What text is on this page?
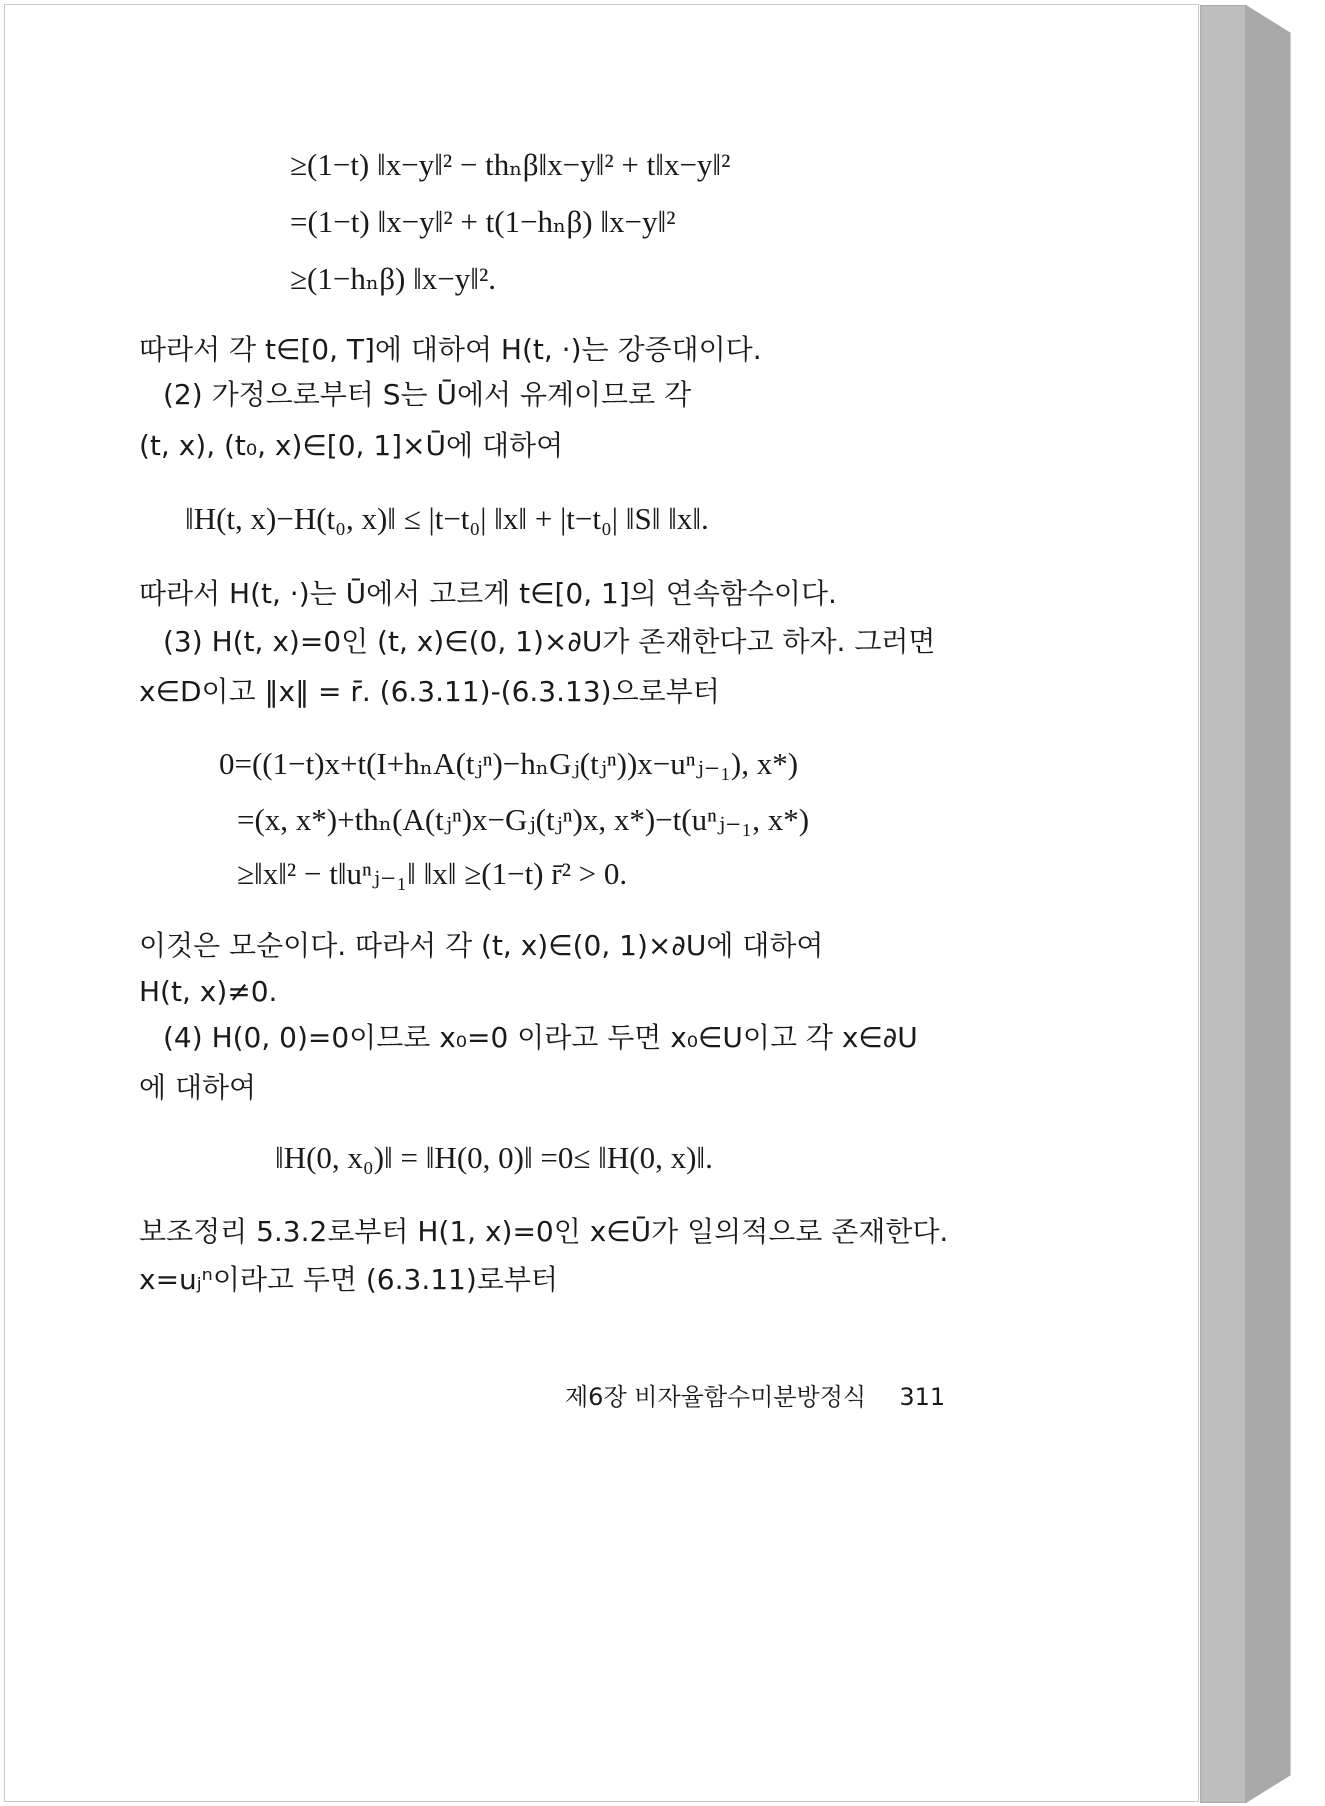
≥(1−t) ‖x−y‖² − thₙβ‖x−y‖² + t‖x−y‖²
=(1−t) ‖x−y‖² + t(1−hₙβ) ‖x−y‖²
≥(1−hₙβ) ‖x−y‖².
따라서 각 t∈[0, T]에 대하여 H(t, ·)는 강증대이다.
(2) 가정으로부터 S는 Ū에서 유계이므로 각
(t, x), (t₀, x)∈[0, 1]×Ū에 대하여
‖H(t, x)−H(t₀, x)‖ ≤ |t−t₀| ‖x‖ + |t−t₀| ‖S‖ ‖x‖.
따라서 H(t, ·)는 Ū에서 고르게 t∈[0, 1]의 연속함수이다.
(3) H(t, x)=0인 (t, x)∈(0, 1)×∂U가 존재한다고 하자. 그러면
x∈D이고 ‖x‖ = r̄. (6.3.11)-(6.3.13)으로부터
0=((1−t)x+t(I+hₙA(tⱼⁿ)−hₙGⱼ(tⱼⁿ))x−uⁿⱼ₋₁), x*)
=(x, x*)+thₙ(A(tⱼⁿ)x−Gⱼ(tⱼⁿ)x, x*)−t(uⁿⱼ₋₁, x*)
≥‖x‖² − t‖uⁿⱼ₋₁‖ ‖x‖ ≥(1−t) r̄² > 0.
이것은 모순이다. 따라서 각 (t, x)∈(0, 1)×∂U에 대하여
H(t, x)≠0.
(4) H(0, 0)=0이므로 x₀=0 이라고 두면 x₀∈U이고 각 x∈∂U
에 대하여
‖H(0, x₀)‖ = ‖H(0, 0)‖ =0≤ ‖H(0, x)‖.
보조정리 5.3.2로부터 H(1, x)=0인 x∈Ū가 일의적으로 존재한다.
x=uⱼⁿ이라고 두면 (6.3.11)로부터
제6장 비자율함수미분방정식 311
